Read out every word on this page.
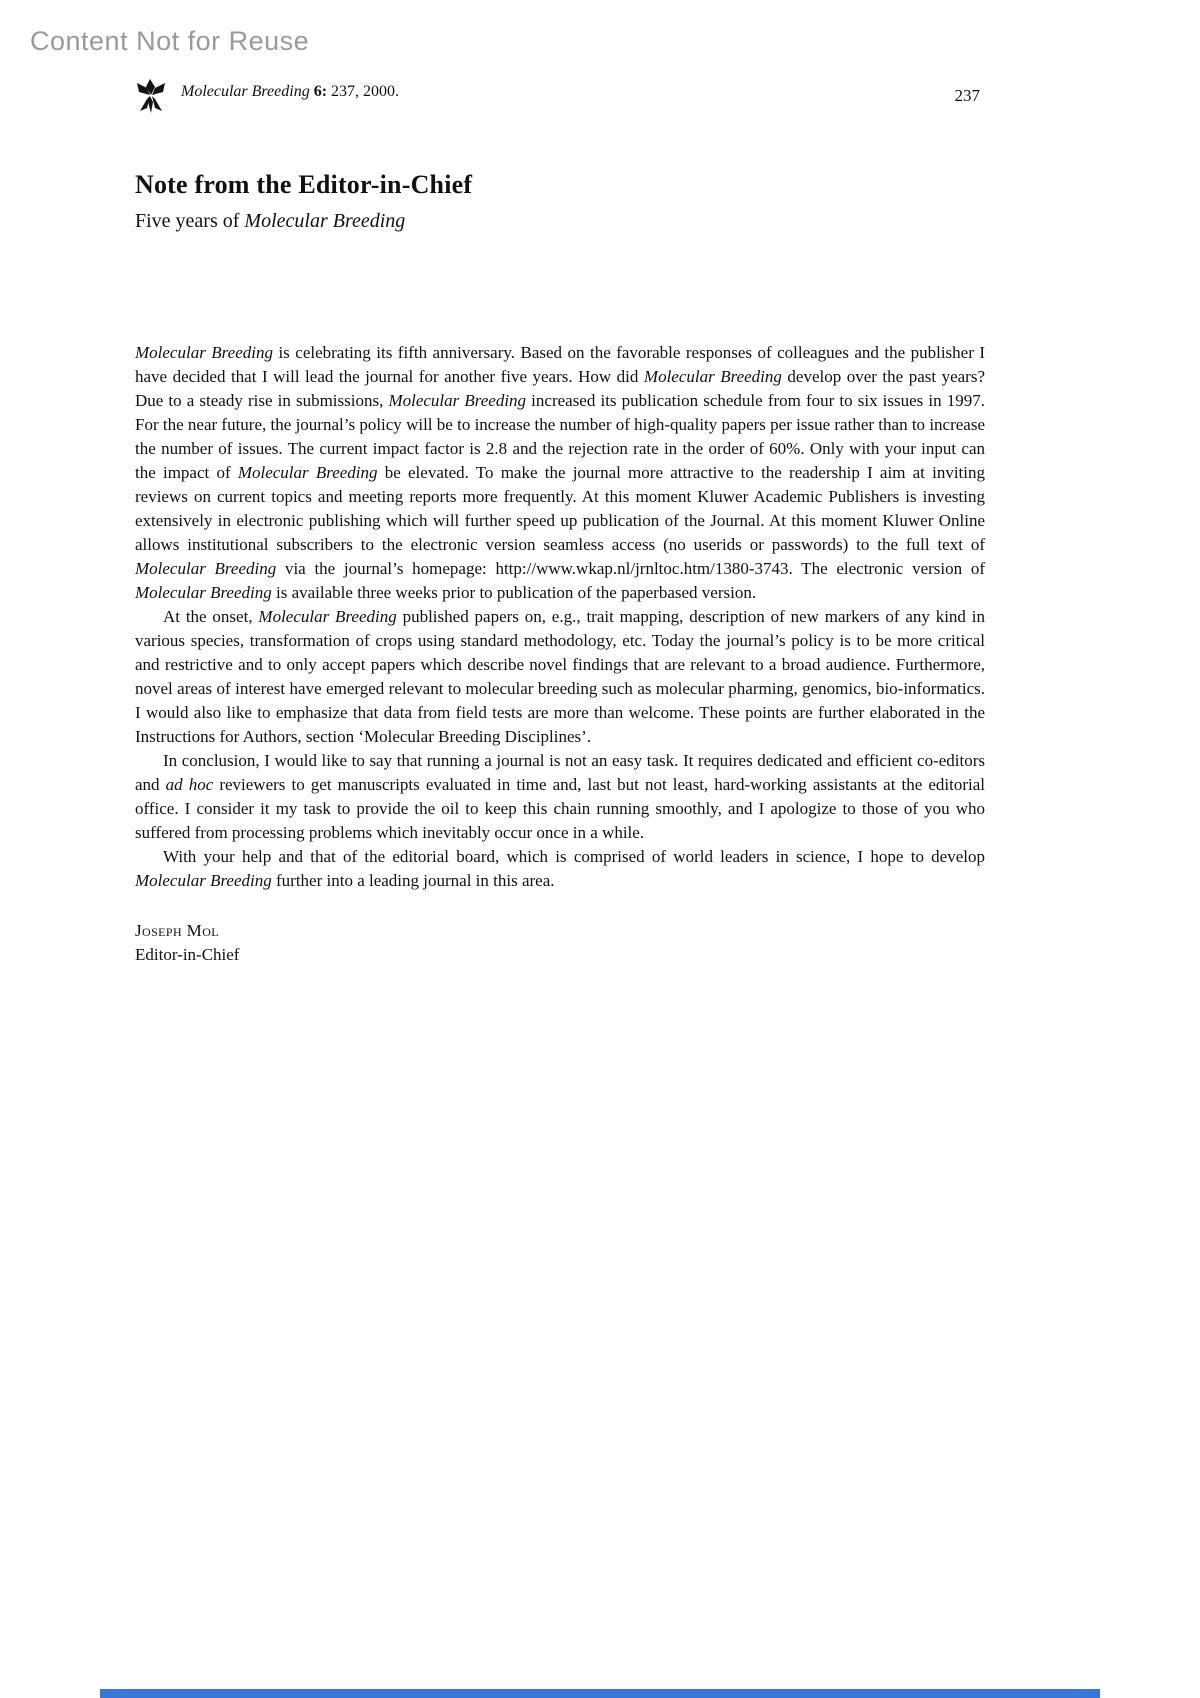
Content Not for Reuse
Molecular Breeding 6: 237, 2000.	237
Note from the Editor-in-Chief
Five years of Molecular Breeding

Molecular Breeding is celebrating its fifth anniversary. Based on the favorable responses of colleagues and the publisher I have decided that I will lead the journal for another five years. How did Molecular Breeding develop over the past years? Due to a steady rise in submissions, Molecular Breeding increased its publication schedule from four to six issues in 1997. For the near future, the journal’s policy will be to increase the number of high-quality papers per issue rather than to increase the number of issues. The current impact factor is 2.8 and the rejection rate in the order of 60%. Only with your input can the impact of Molecular Breeding be elevated. To make the journal more attractive to the readership I aim at inviting reviews on current topics and meeting reports more frequently. At this moment Kluwer Academic Publishers is investing extensively in electronic publishing which will further speed up publication of the Journal. At this moment Kluwer Online allows institutional subscribers to the electronic version seamless access (no userids or passwords) to the full text of Molecular Breeding via the journal’s homepage: http://www.wkap.nl/jrnltoc.htm/1380-3743. The electronic version of Molecular Breeding is available three weeks prior to publication of the paperbased version.

At the onset, Molecular Breeding published papers on, e.g., trait mapping, description of new markers of any kind in various species, transformation of crops using standard methodology, etc. Today the journal’s policy is to be more critical and restrictive and to only accept papers which describe novel findings that are relevant to a broad audience. Furthermore, novel areas of interest have emerged relevant to molecular breeding such as molecular pharming, genomics, bio-informatics. I would also like to emphasize that data from field tests are more than welcome. These points are further elaborated in the Instructions for Authors, section ‘Molecular Breeding Disciplines’.

In conclusion, I would like to say that running a journal is not an easy task. It requires dedicated and efficient co-editors and ad hoc reviewers to get manuscripts evaluated in time and, last but not least, hard-working assistants at the editorial office. I consider it my task to provide the oil to keep this chain running smoothly, and I apologize to those of you who suffered from processing problems which inevitably occur once in a while.

With your help and that of the editorial board, which is comprised of world leaders in science, I hope to develop Molecular Breeding further into a leading journal in this area.

Joseph Mol
Editor-in-Chief
